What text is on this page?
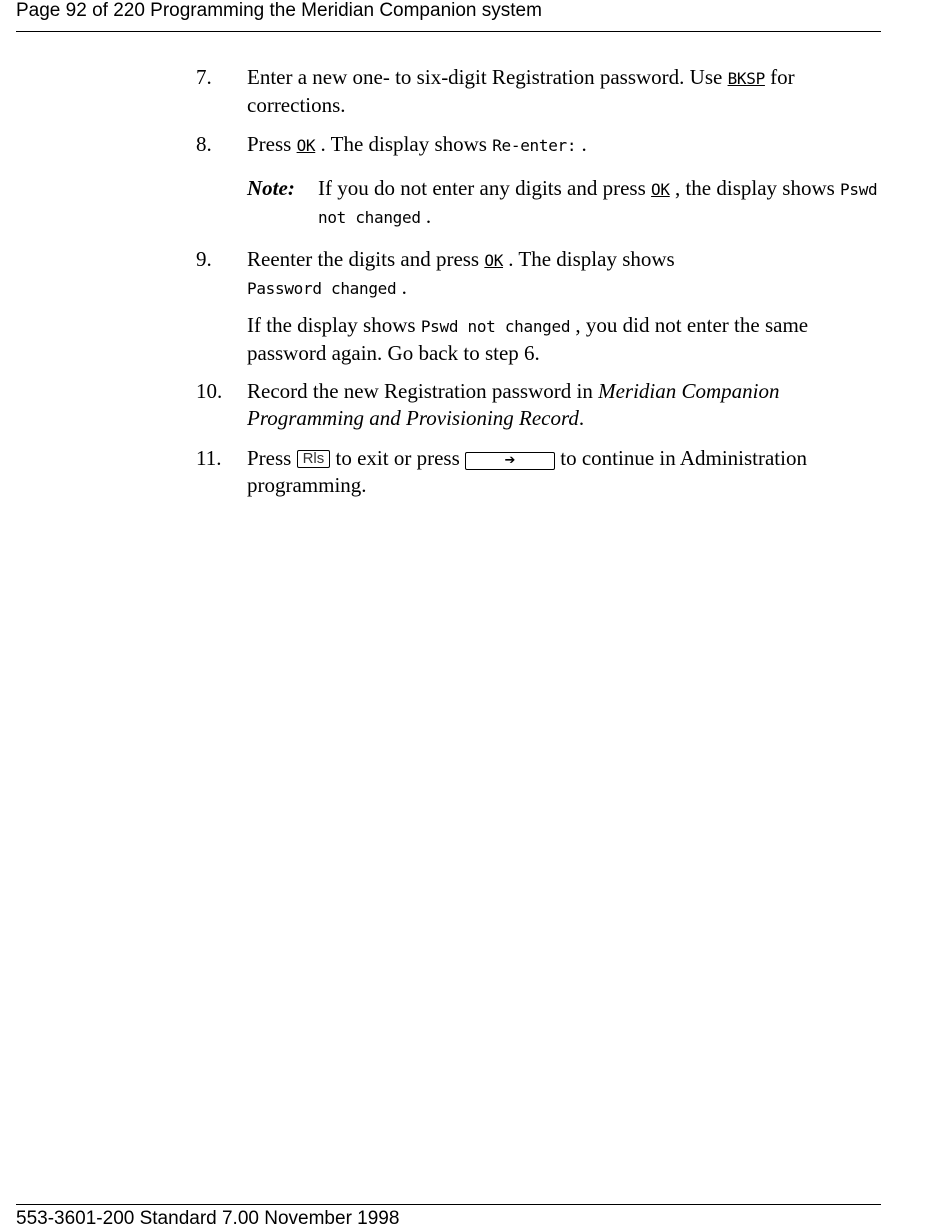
Page 92 of 220 Programming the Meridian Companion system
7. Enter a new one- to six-digit Registration password. Use BKSP for corrections.
8. Press OK . The display shows Re-enter: .
Note: If you do not enter any digits and press OK , the display shows Pswd not changed .
9. Reenter the digits and press OK . The display shows
Password changed .
If the display shows Pswd not changed , you did not enter the same password again. Go back to step 6.
10. Record the new Registration password in Meridian Companion Programming and Provisioning Record.
11. Press Rls to exit or press	➔ to continue in Administration programming.
553-3601-200 Standard 7.00 November 1998
